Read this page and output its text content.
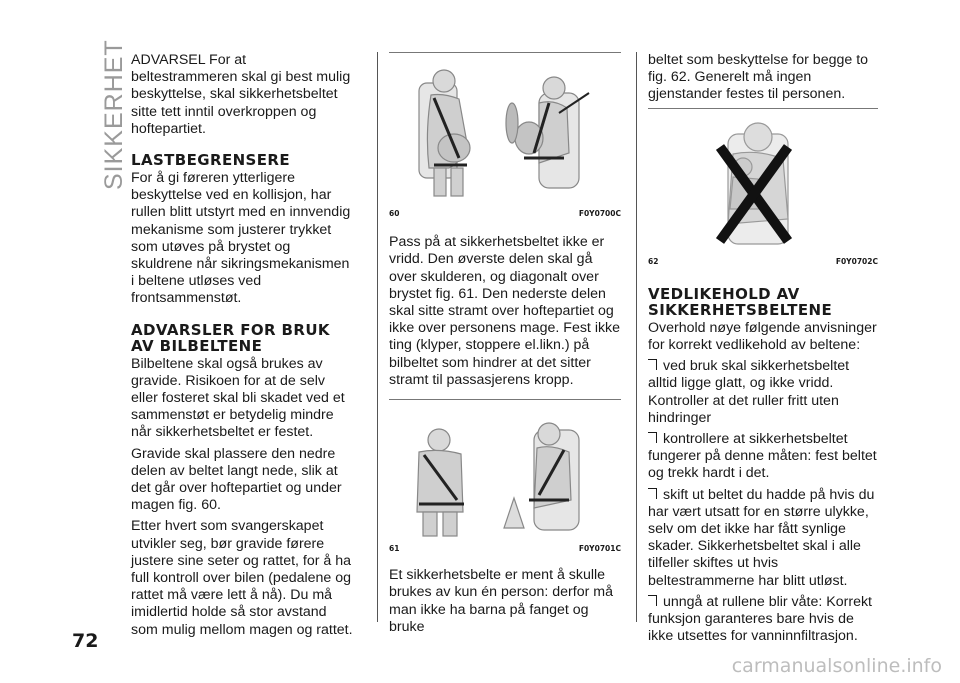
SIKKERHET ADVARSEL For at beltestrammeren skal gi best mulig beskyttelse, skal sikkerhetsbeltet sitte tett inntil overkroppen og hoftepartiet.

LASTBEGRENSERE

For å gi føreren ytterligere beskyttelse ved en kollisjon, har rullen blitt utstyrt med en innvendig mekanisme som justerer trykket som utøves på brystet og skuldrene når sikringsmekanismen i beltene utløses ved frontsammenstøt.

ADVARSLER FOR BRUK AV BILBELTENE

Bilbeltene skal også brukes av gravide. Risikoen for at de selv eller fosteret skal bli skadet ved et sammenstøt er betydelig mindre når sikkerhetsbeltet er festet.

Gravide skal plassere den nedre delen av beltet langt nede, slik at det går over hoftepartiet og under magen fig. 60.

Etter hvert som svangerskapet utvikler seg, bør gravide førere justere sine seter og rattet, for å ha full kontroll over bilen (pedalene og rattet må være lett å nå). Du må imidlertid holde så stor avstand som mulig mellom magen og rattet.

60	F0Y0700C

Pass på at sikkerhetsbeltet ikke er vridd. Den øverste delen skal gå over skulderen, og diagonalt over brystet fig. 61. Den nederste delen skal sitte stramt over hoftepartiet og ikke over personens mage. Fest ikke ting (klyper, stoppere el.likn.) på bilbeltet som hindrer at det sitter stramt til passasjerens kropp.

61	F0Y0701C

Et sikkerhetsbelte er ment å skulle brukes av kun én person: derfor må man ikke ha barna på fanget og bruke

beltet som beskyttelse for begge to fig. 62. Generelt må ingen gjenstander festes til personen.

62	F0Y0702C
VEDLIKEHOLD AV SIKKERHETSBELTENE

Overhold nøye følgende anvisninger for korrekt vedlikehold av beltene:

ved bruk skal sikkerhetsbeltet alltid ligge glatt, og ikke vridd. Kontroller at det ruller fritt uten hindringer

kontrollere at sikkerhetsbeltet fungerer på denne måten: fest beltet og trekk hardt i det.

skift ut beltet du hadde på hvis du har vært utsatt for en større ulykke, selv om det ikke har fått synlige skader. Sikkerhetsbeltet skal i alle tilfeller skiftes ut hvis beltestrammerne har blitt utløst.

unngå at rullene blir våte: Korrekt funksjon garanteres bare hvis de ikke utsettes for vanninnfiltrasjon.

72
carmanualsonline.info
